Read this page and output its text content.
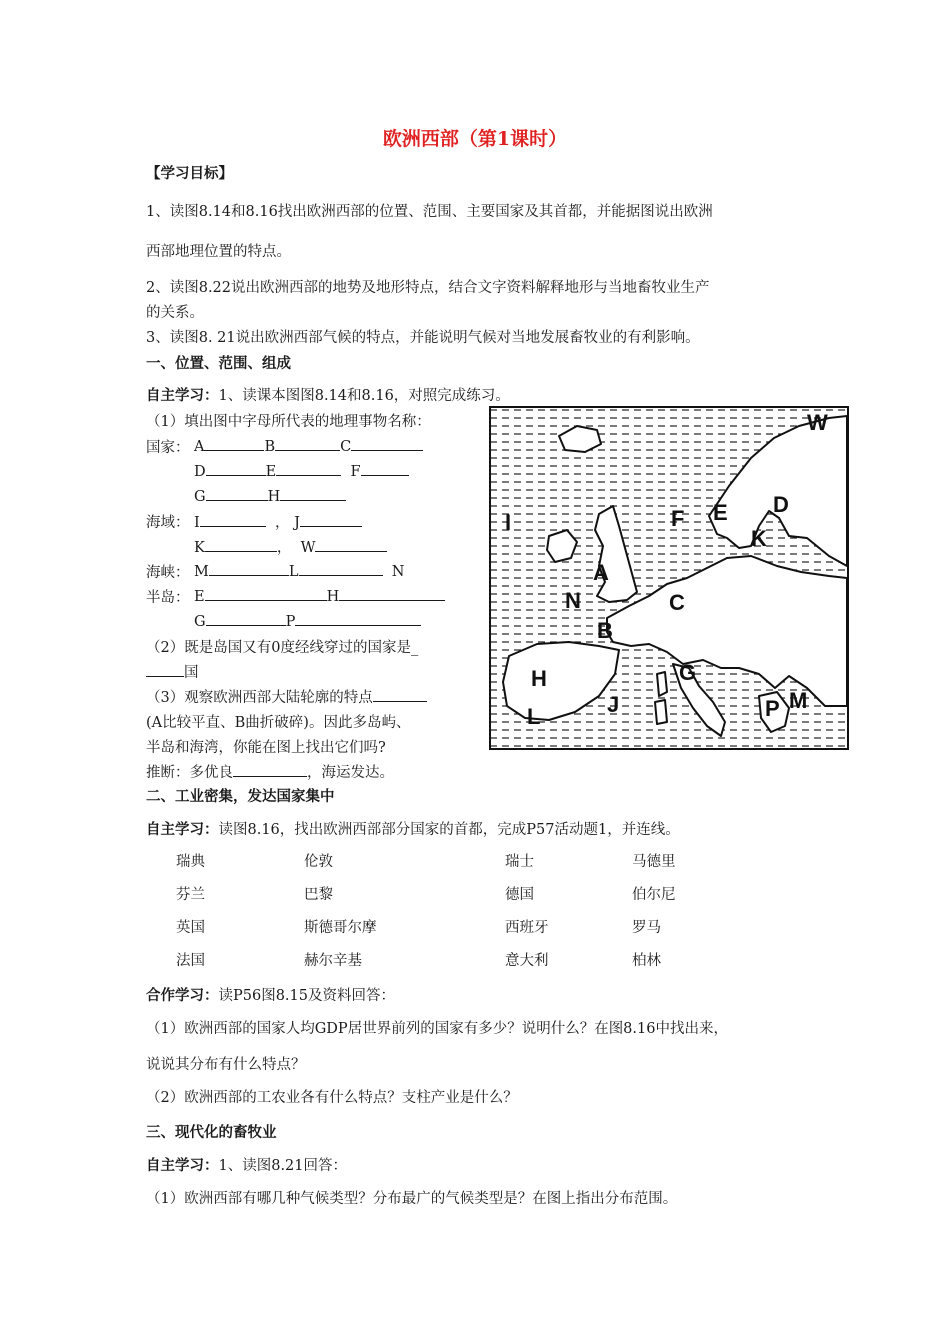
欧洲西部（第1课时）
【学习目标】
1、读图8.14和8.16找出欧洲西部的位置、范围、主要国家及其首都，并能据图说出欧洲
西部地理位置的特点。
2、读图8.22说出欧洲西部的地势及地形特点，结合文字资料解释地形与当地畜牧业生产
的关系。
3、读图8. 21说出欧洲西部气候的特点，并能说明气候对当地发展畜牧业的有利影响。
一、位置、范围、组成
自主学习：1、读课本图图8.14和8.16，对照完成练习。
（1）填出图中字母所代表的地理事物名称：
国家： A	B	C
D	E	F
G	H
海域： I	， J
K	， W
海峡： M	L	N
半岛： E	H
G	P
（2）既是岛国又有0度经线穿过的国家是_
国
（3）观察欧洲西部大陆轮廓的特点
(A比较平直、B曲折破碎)。因此多岛屿、
半岛和海湾，你能在图上找出它们吗?
推断：多优良	，海运发达。
W
F E D
I
K
A
N	C
B
H	G
J
L	P M
二、工业密集，发达国家集中
自主学习：读图8.16，找出欧洲西部部分国家的首都，完成P57活动题1，并连线。
瑞典	伦敦	瑞士	马德里
芬兰	巴黎	德国	伯尔尼
英国	斯德哥尔摩	西班牙	罗马
法国	赫尔辛基	意大利	柏林
合作学习：读P56图8.15及资料回答：
（1）欧洲西部的国家人均GDP居世界前列的国家有多少？说明什么？在图8.16中找出来，
说说其分布有什么特点？
（2）欧洲西部的工农业各有什么特点？支柱产业是什么？
三、现代化的畜牧业
自主学习：1、读图8.21回答：
（1）欧洲西部有哪几种气候类型？分布最广的气候类型是？在图上指出分布范围。
